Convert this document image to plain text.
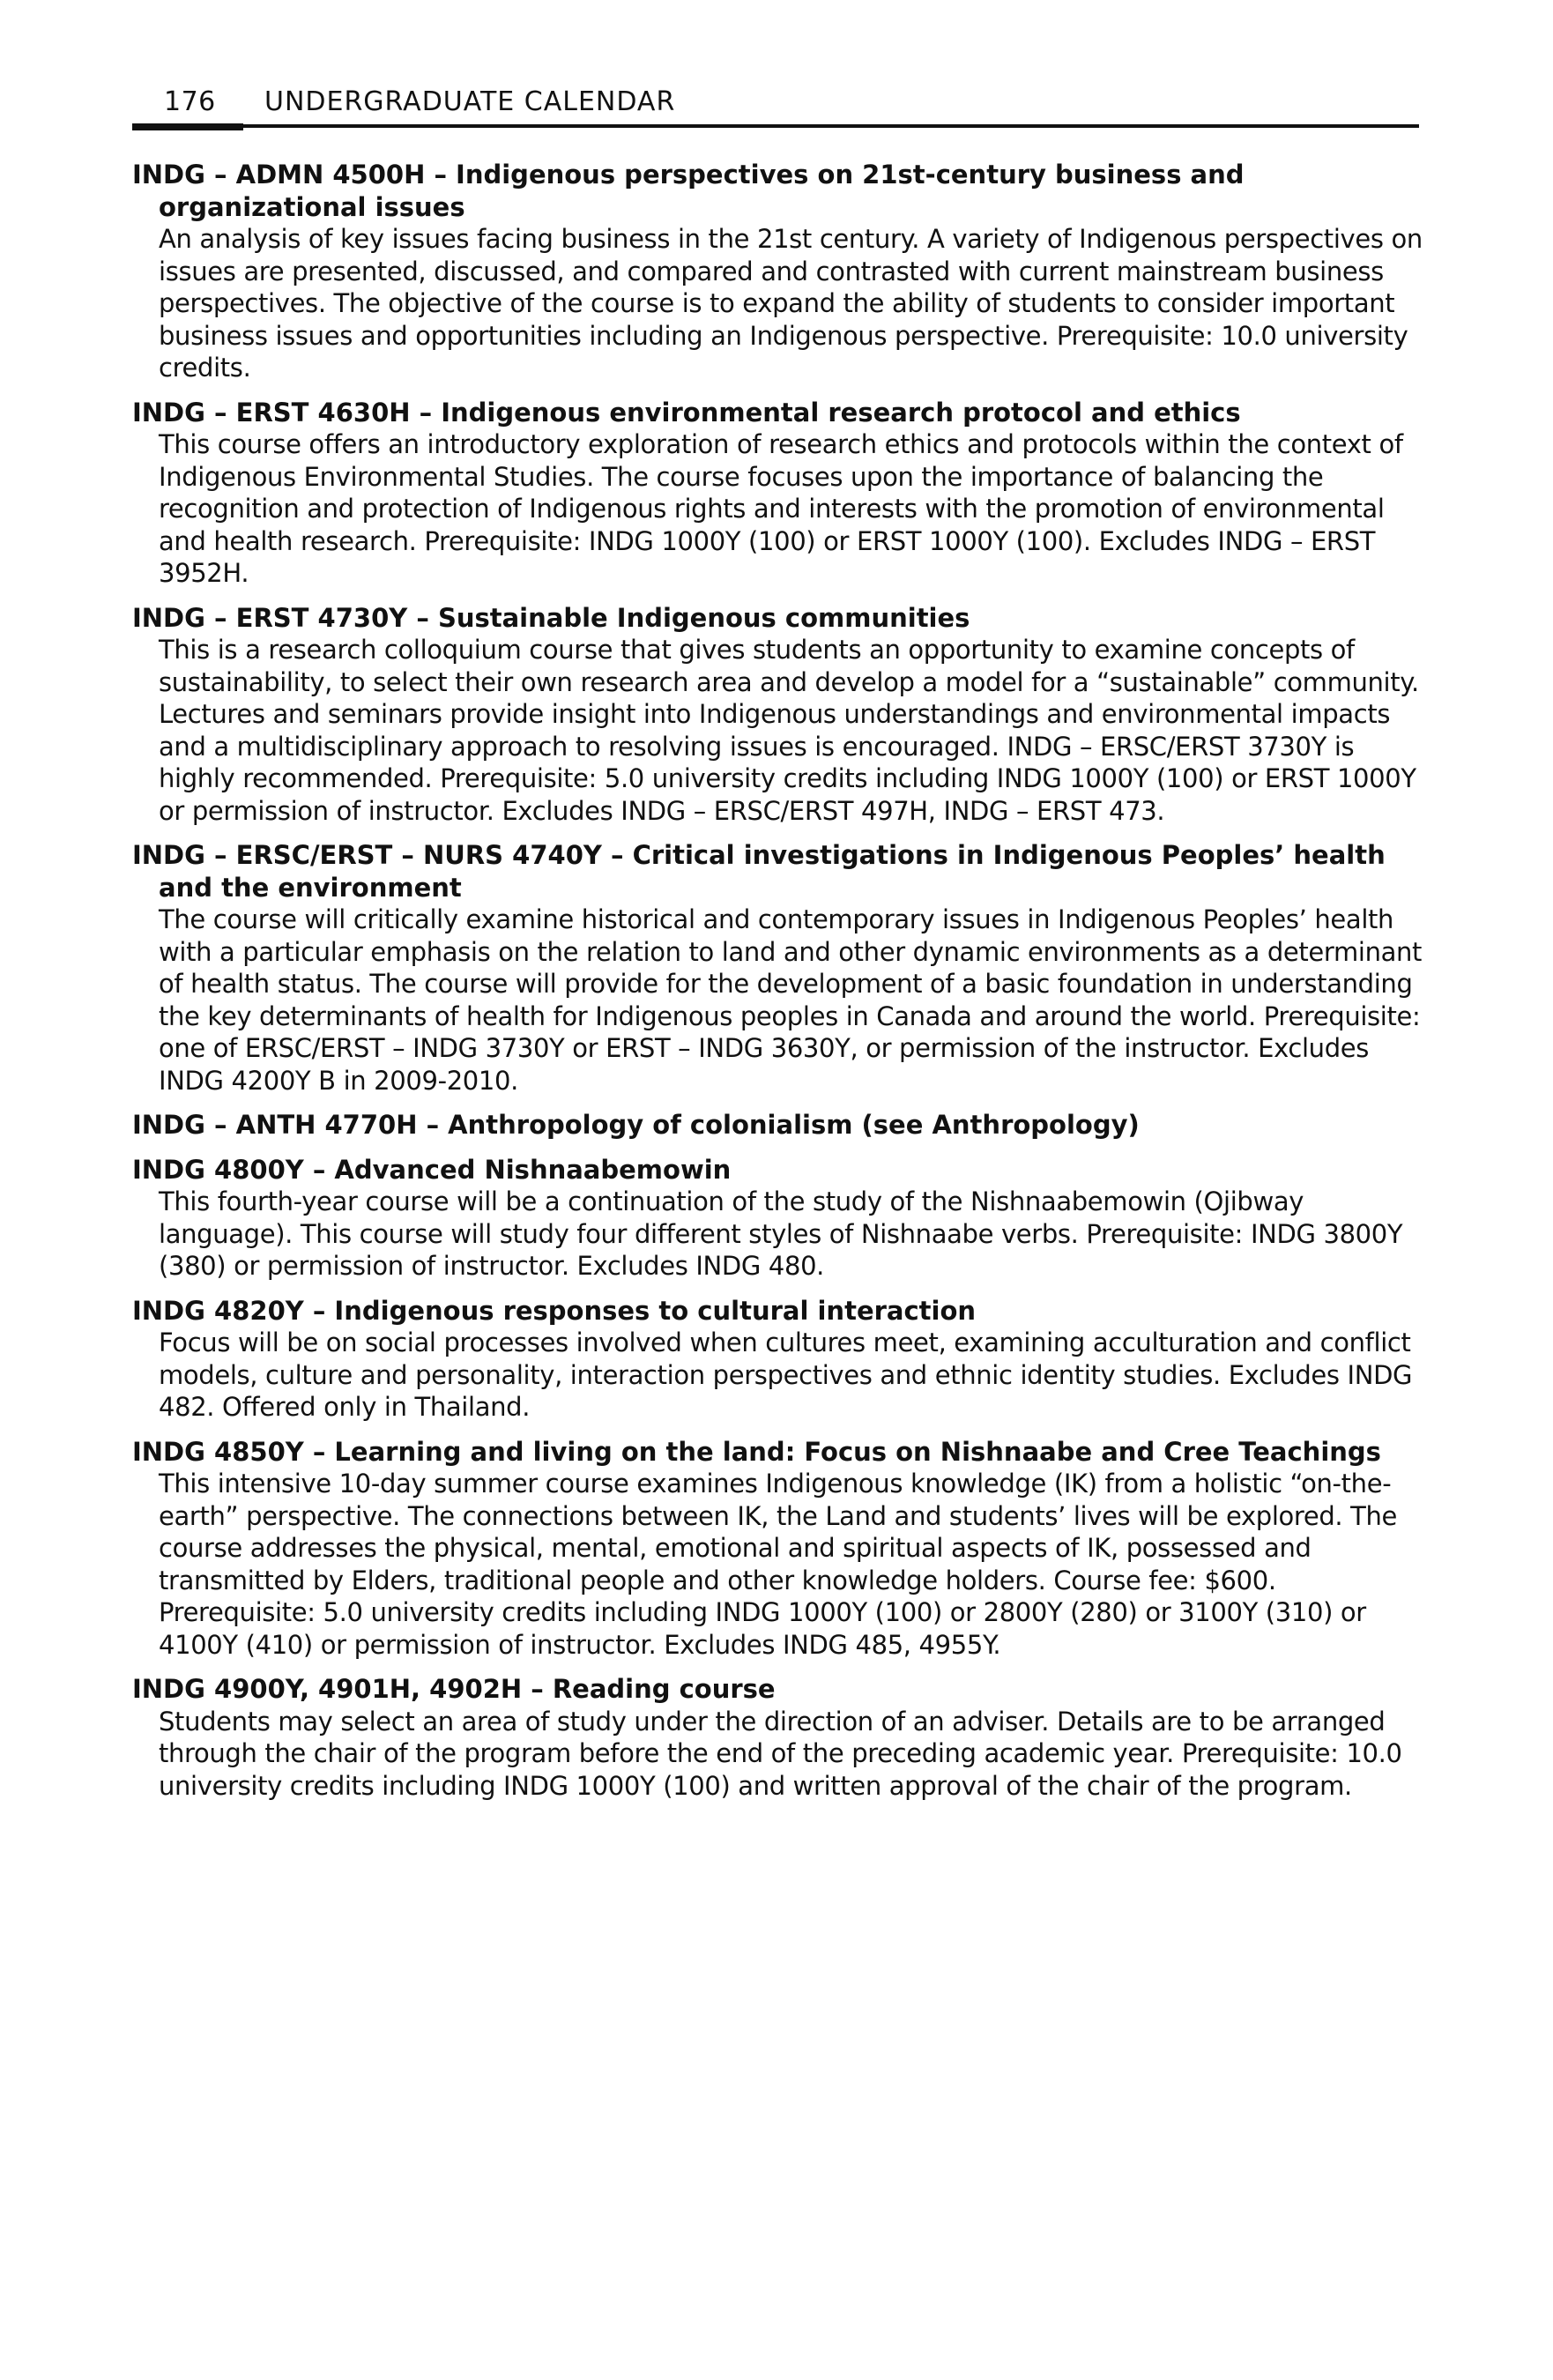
176 UNDERGRADUATE CALENDAR
INDG – ADMN 4500H – Indigenous perspectives on 21st-century business and organizational issues
An analysis of key issues facing business in the 21st century. A variety of Indigenous perspectives on issues are presented, discussed, and compared and contrasted with current mainstream business perspectives. The objective of the course is to expand the ability of students to consider important business issues and opportunities including an Indigenous perspective. Prerequisite: 10.0 university credits.
INDG – ERST 4630H – Indigenous environmental research protocol and ethics
This course offers an introductory exploration of research ethics and protocols within the context of Indigenous Environmental Studies. The course focuses upon the importance of balancing the recognition and protection of Indigenous rights and interests with the promotion of environmental and health research. Prerequisite: INDG 1000Y (100) or ERST 1000Y (100). Excludes INDG – ERST 3952H.
INDG – ERST 4730Y – Sustainable Indigenous communities
This is a research colloquium course that gives students an opportunity to examine concepts of sustainability, to select their own research area and develop a model for a “sustainable” community. Lectures and seminars provide insight into Indigenous understandings and environmental impacts and a multidisciplinary approach to resolving issues is encouraged. INDG – ERSC/ERST 3730Y is highly recommended. Prerequisite: 5.0 university credits including INDG 1000Y (100) or ERST 1000Y or permission of instructor. Excludes INDG – ERSC/ERST 497H, INDG – ERST 473.
INDG – ERSC/ERST – NURS 4740Y – Critical investigations in Indigenous Peoples’ health and the environment
The course will critically examine historical and contemporary issues in Indigenous Peoples’ health with a particular emphasis on the relation to land and other dynamic environments as a determinant of health status. The course will provide for the development of a basic foundation in understanding the key determinants of health for Indigenous peoples in Canada and around the world. Prerequisite: one of ERSC/ERST – INDG 3730Y or ERST – INDG 3630Y, or permission of the instructor. Excludes INDG 4200Y B in 2009-2010.
INDG – ANTH 4770H – Anthropology of colonialism (see Anthropology)
INDG 4800Y – Advanced Nishnaabemowin
This fourth-year course will be a continuation of the study of the Nishnaabemowin (Ojibway language). This course will study four different styles of Nishnaabe verbs. Prerequisite: INDG 3800Y (380) or permission of instructor. Excludes INDG 480.
INDG 4820Y – Indigenous responses to cultural interaction
Focus will be on social processes involved when cultures meet, examining acculturation and conflict models, culture and personality, interaction perspectives and ethnic identity studies. Excludes INDG 482. Offered only in Thailand.
INDG 4850Y – Learning and living on the land: Focus on Nishnaabe and Cree Teachings
This intensive 10-day summer course examines Indigenous knowledge (IK) from a holistic “on-the-earth” perspective. The connections between IK, the Land and students’ lives will be explored. The course addresses the physical, mental, emotional and spiritual aspects of IK, possessed and transmitted by Elders, traditional people and other knowledge holders. Course fee: $600. Prerequisite: 5.0 university credits including INDG 1000Y (100) or 2800Y (280) or 3100Y (310) or 4100Y (410) or permission of instructor. Excludes INDG 485, 4955Y.
INDG 4900Y, 4901H, 4902H – Reading course
Students may select an area of study under the direction of an adviser. Details are to be arranged through the chair of the program before the end of the preceding academic year. Prerequisite: 10.0 university credits including INDG 1000Y (100) and written approval of the chair of the program.
